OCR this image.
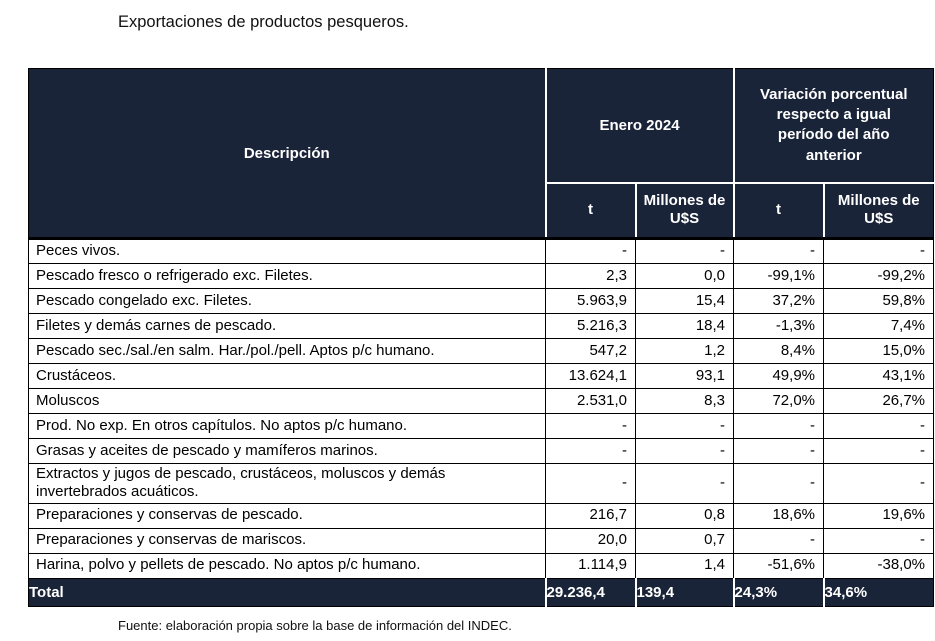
Exportaciones de productos pesqueros.
Descripción	Enero 2024		Variación porcentual respecto a igual período del año anterior	
	t	Millones de U$S	t	Millones de U$S
Peces vivos.	-	-	-	-
Pescado fresco o refrigerado exc. Filetes.	2,3	0,0	-99,1%	-99,2%
Pescado congelado exc. Filetes.	5.963,9	15,4	37,2%	59,8%
Filetes y demás carnes de pescado.	5.216,3	18,4	-1,3%	7,4%
Pescado sec./sal./en salm. Har./pol./pell. Aptos p/c humano.	547,2	1,2	8,4%	15,0%
Crustáceos.	13.624,1	93,1	49,9%	43,1%
Moluscos	2.531,0	8,3	72,0%	26,7%
Prod. No exp. En otros capítulos. No aptos p/c humano.	-	-	-	-
Grasas y aceites de pescado y mamíferos marinos.	-	-	-	-
Extractos y jugos de pescado, crustáceos, moluscos y demás invertebrados acuáticos.	-	-	-	-
Preparaciones y conservas de pescado.	216,7	0,8	18,6%	19,6%
Preparaciones y conservas de mariscos.	20,0	0,7	-	-
Harina, polvo y pellets de pescado. No aptos p/c humano.	1.114,9	1,4	-51,6%	-38,0%
Total	29.236,4	139,4	24,3%	34,6%
Fuente: elaboración propia sobre la base de información del INDEC.
